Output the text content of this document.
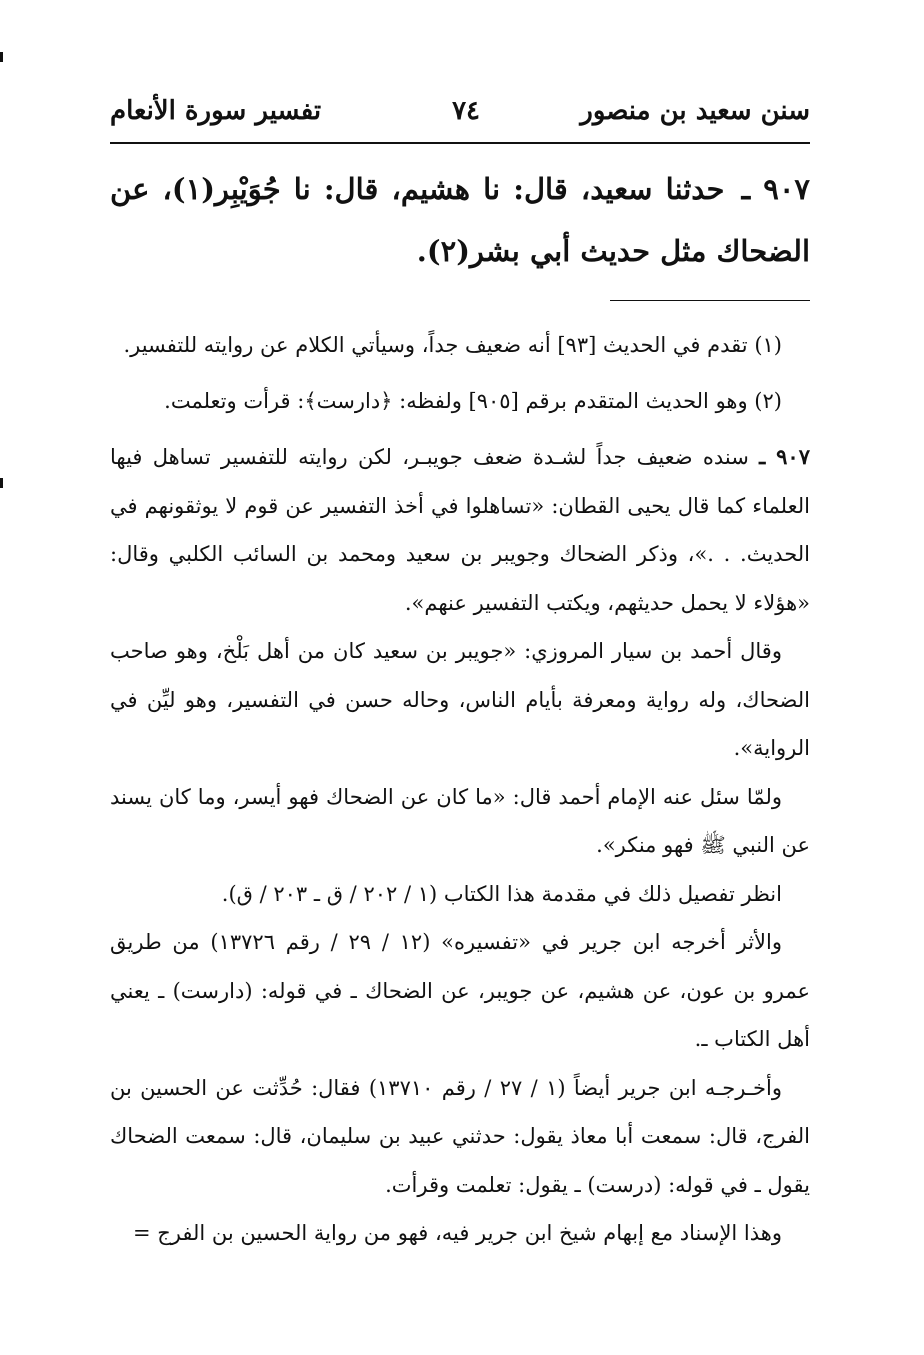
سنن سعيد بن منصور
٧٤
تفسير سورة الأنعام
٩٠٧ ـ حدثنا سعيد، قال: نا هشيم، قال: نا جُوَيْبِر(١)، عن الضحاك مثل حديث أبي بشر(٢).

(١) تقدم في الحديث [٩٣] أنه ضعيف جداً، وسيأتي الكلام عن روايته للتفسير.

(٢) وهو الحديث المتقدم برقم [٩٠٥] ولفظه: ﴿دارست﴾: قرأت وتعلمت.

٩٠٧ ـ سنده ضعيف جداً لشـدة ضعف جويبـر، لكن روايته للتفسير تساهل فيها العلماء كما قال يحيى القطان: «تساهلوا في أخذ التفسير عن قوم لا يوثقونهم في الحديث. . .»، وذكر الضحاك وجويبر بن سعيد ومحمد بن السائب الكلبي وقال: «هؤلاء لا يحمل حديثهم، ويكتب التفسير عنهم».

وقال أحمد بن سيار المروزي: «جويبر بن سعيد كان من أهل بَلْخ، وهو صاحب الضحاك، وله رواية ومعرفة بأيام الناس، وحاله حسن في التفسير، وهو ليِّن في الرواية».

ولمّا سئل عنه الإمام أحمد قال: «ما كان عن الضحاك فهو أيسر، وما كان يسند عن النبي ﷺ فهو منكر».

انظر تفصيل ذلك في مقدمة هذا الكتاب (١ / ٢٠٢ / ق ـ ٢٠٣ / ق).

والأثر أخرجه ابن جرير في «تفسيره» (١٢ / ٢٩ / رقم ١٣٧٢٦) من طريق عمرو بن عون، عن هشيم، عن جويبر، عن الضحاك ـ في قوله: (دارست) ـ يعني أهل الكتاب ـ.

وأخـرجـه ابن جرير أيضاً (١ / ٢٧ / رقم ١٣٧١٠) فقال: حُدِّثت عن الحسين بن الفرج، قال: سمعت أبا معاذ يقول: حدثني عبيد بن سليمان، قال: سمعت الضحاك يقول ـ في قوله: (درست) ـ يقول: تعلمت وقرأت.

وهذا الإسناد مع إبهام شيخ ابن جرير فيه، فهو من رواية الحسين بن الفرج =
